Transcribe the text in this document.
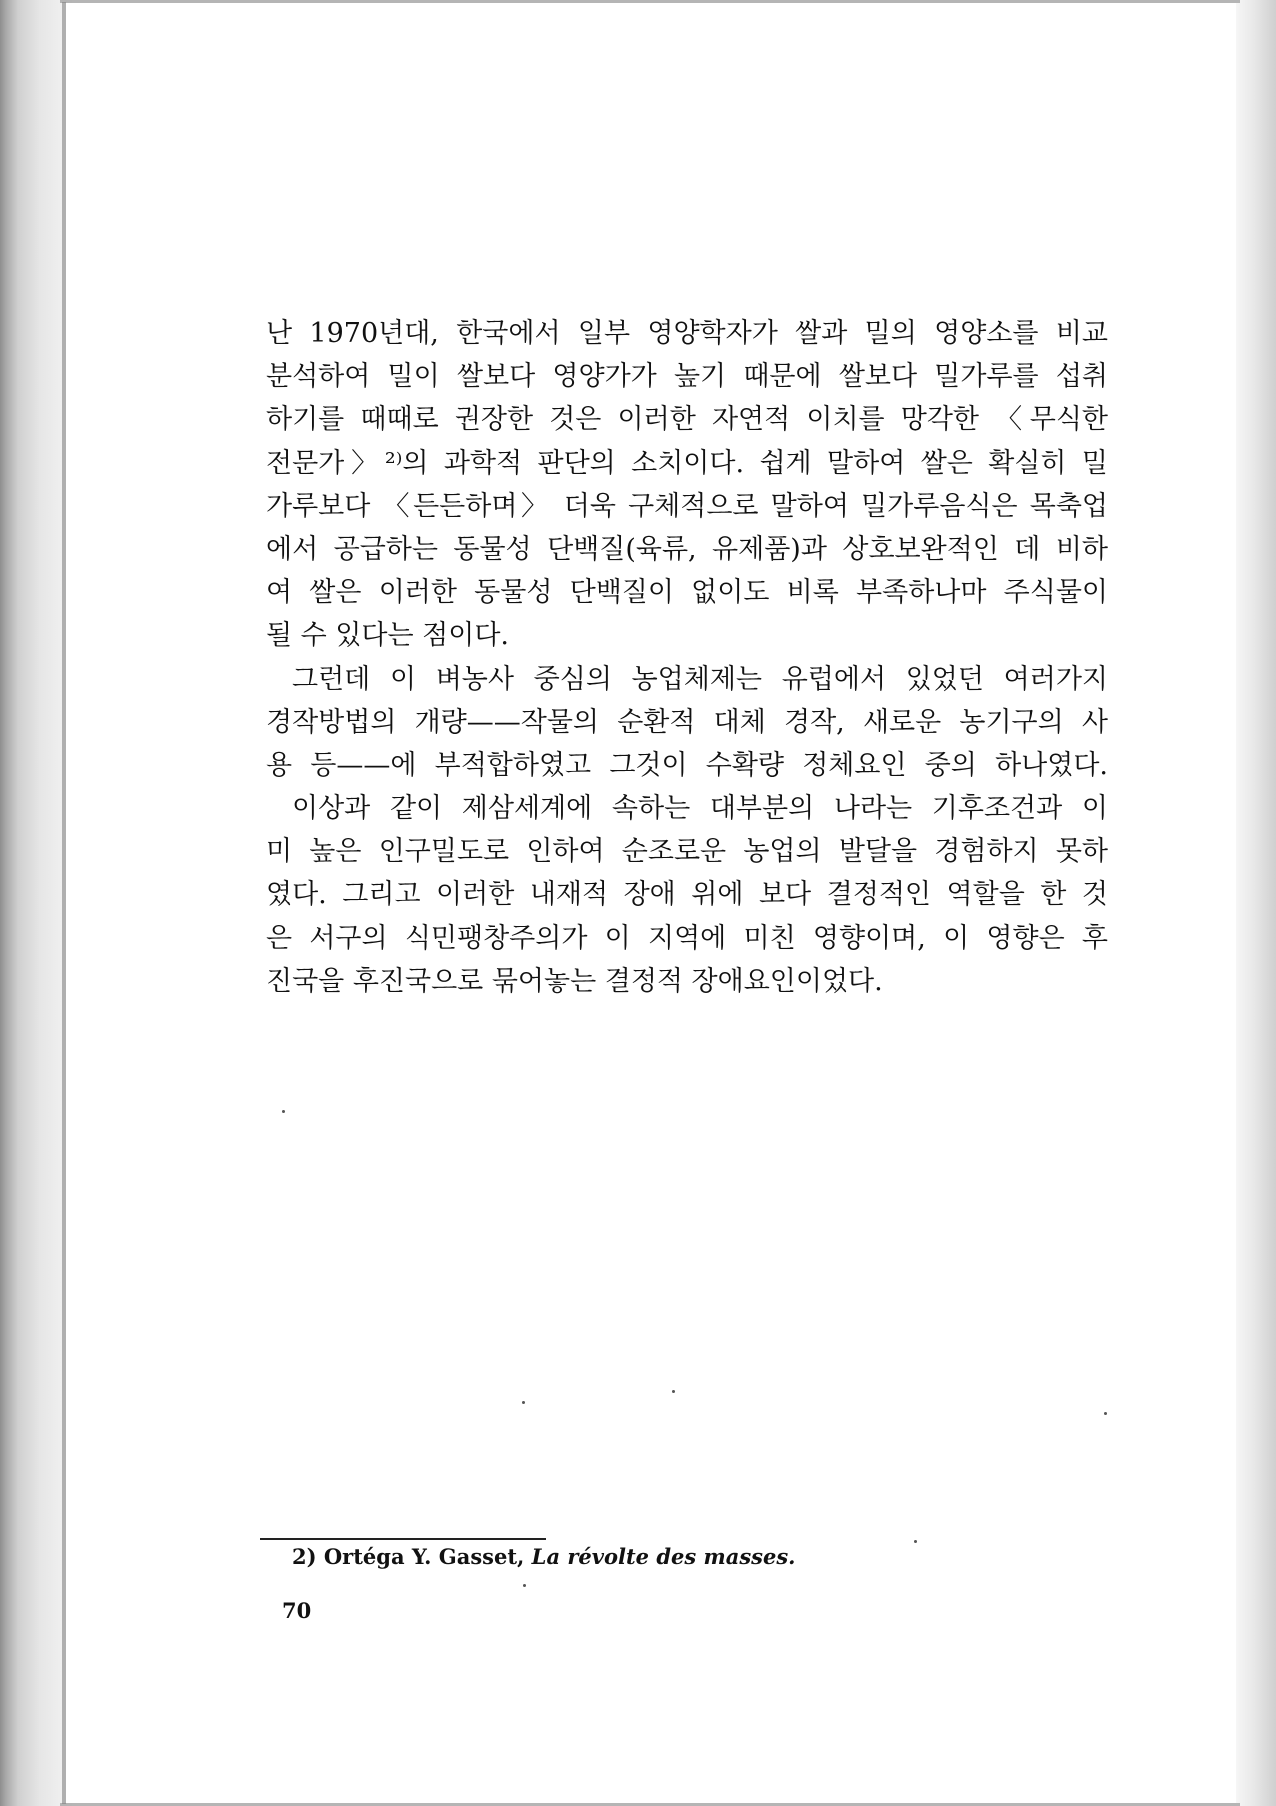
난 1970년대, 한국에서 일부 영양학자가 쌀과 밀의 영양소를 비교
분석하여 밀이 쌀보다 영양가가 높기 때문에 쌀보다 밀가루를 섭취
하기를 때때로 권장한 것은 이러한 자연적 이치를 망각한 〈무식한
전문가〉²⁾의 과학적 판단의 소치이다. 쉽게 말하여 쌀은 확실히 밀
가루보다 〈든든하며〉 더욱 구체적으로 말하여 밀가루음식은 목축업
에서 공급하는 동물성 단백질(육류, 유제품)과 상호보완적인 데 비하
여 쌀은 이러한 동물성 단백질이 없이도 비록 부족하나마 주식물이
될 수 있다는 점이다.
그런데 이 벼농사 중심의 농업체제는 유럽에서 있었던 여러가지
경작방법의 개량——작물의 순환적 대체 경작, 새로운 농기구의 사
용 등——에 부적합하였고 그것이 수확량 정체요인 중의 하나였다.
이상과 같이 제삼세계에 속하는 대부분의 나라는 기후조건과 이
미 높은 인구밀도로 인하여 순조로운 농업의 발달을 경험하지 못하
였다. 그리고 이러한 내재적 장애 위에 보다 결정적인 역할을 한 것
은 서구의 식민팽창주의가 이 지역에 미친 영향이며, 이 영향은 후
진국을 후진국으로 묶어놓는 결정적 장애요인이었다.
2) Ortéga Y. Gasset, La révolte des masses.
70
